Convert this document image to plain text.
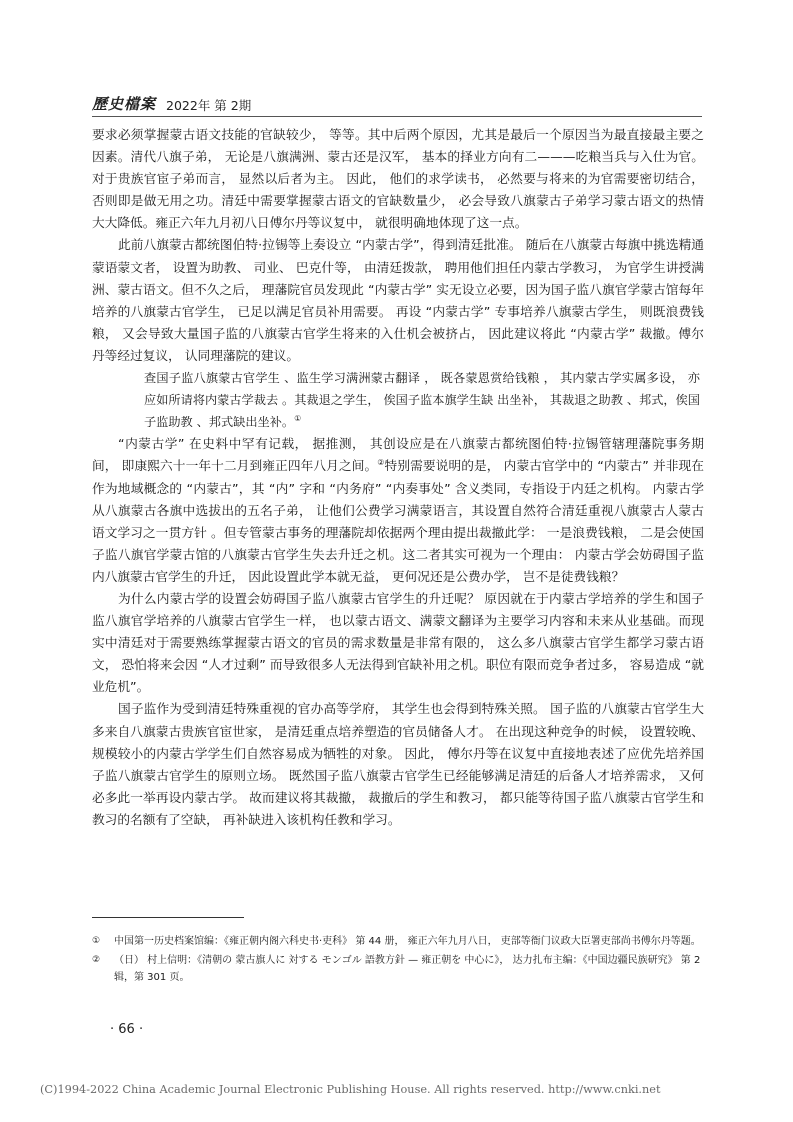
歷史檔案 2022年 第 2期

要求必须掌握蒙古语文技能的官缺较少， 等等。其中后两个原因，尤其是最后一个原因当为最直接最主要之因素。清代八旗子弟， 无论是八旗满洲、蒙古还是汉军， 基本的择业方向有二———吃粮当兵与入仕为官。对于贵族官宦子弟而言， 显然以后者为主。 因此， 他们的求学读书， 必然要与将来的为官需要密切结合， 否则即是做无用之功。清廷中需要掌握蒙古语文的官缺数量少， 必会导致八旗蒙古子弟学习蒙古语文的热情大大降低。雍正六年九月初八日傅尔丹等议复中， 就很明确地体现了这一点。

此前八旗蒙古都统图伯特·拉锡等上奏设立 “内蒙古学”，得到清廷批准。 随后在八旗蒙古每旗中挑选精通蒙语蒙文者， 设置为助教、 司业、 巴克什等， 由清廷拨款， 聘用他们担任内蒙古学教习， 为官学生讲授满洲、蒙古语文。但不久之后， 理藩院官员发现此 “内蒙古学” 实无设立必要，因为国子监八旗官学蒙古馆每年培养的八旗蒙古官学生， 已足以满足官员补用需要。 再设 “内蒙古学” 专事培养八旗蒙古学生， 则既浪费钱粮， 又会导致大量国子监的八旗蒙古官学生将来的入仕机会被挤占， 因此建议将此 “内蒙古学” 裁撤。傅尔丹等经过复议， 认同理藩院的建议。

查国子监八旗蒙古官学生 、监生学习满洲蒙古翻译 ， 既各蒙恩赏给钱粮 ， 其内蒙古学实属多设， 亦应如所请将内蒙古学裁去 。其裁退之学生， 俟国子监本旗学生缺 出坐补， 其裁退之助教 、邦式，俟国子监助教 、邦式缺出坐补。①

“内蒙古学” 在史料中罕有记载， 据推测， 其创设应是在八旗蒙古都统图伯特·拉锡管辖理藩院事务期间， 即康熙六十一年十二月到雍正四年八月之间。②特别需要说明的是， 内蒙古官学中的 “内蒙古” 并非现在作为地域概念的 “内蒙古”，其 “内” 字和 “内务府” “内奏事处” 含义类同，专指设于内廷之机构。 内蒙古学从八旗蒙古各旗中选拔出的五名子弟， 让他们公费学习满蒙语言，其设置自然符合清廷重视八旗蒙古人蒙古语文学习之一贯方针 。但专管蒙古事务的理藩院却依据两个理由提出裁撤此学： 一是浪费钱粮， 二是会使国子监八旗官学蒙古馆的八旗蒙古官学生失去升迁之机。这二者其实可视为一个理由： 内蒙古学会妨碍国子监内八旗蒙古官学生的升迁， 因此设置此学本就无益， 更何况还是公费办学， 岂不是徒费钱粮？

为什么内蒙古学的设置会妨碍国子监八旗蒙古官学生的升迁呢？ 原因就在于内蒙古学培养的学生和国子监八旗官学培养的八旗蒙古官学生一样， 也以蒙古语文、满蒙文翻译为主要学习内容和未来从业基础。而现实中清廷对于需要熟练掌握蒙古语文的官员的需求数量是非常有限的， 这么多八旗蒙古官学生都学习蒙古语文， 恐怕将来会因 “人才过剩” 而导致很多人无法得到官缺补用之机。职位有限而竞争者过多， 容易造成 “就业危机”。

国子监作为受到清廷特殊重视的官办高等学府， 其学生也会得到特殊关照。 国子监的八旗蒙古官学生大多来自八旗蒙古贵族官宦世家， 是清廷重点培养塑造的官员储备人才。 在出现这种竞争的时候， 设置较晚、规模较小的内蒙古学学生们自然容易成为牺牲的对象。 因此， 傅尔丹等在议复中直接地表述了应优先培养国子监八旗蒙古官学生的原则立场。 既然国子监八旗蒙古官学生已经能够满足清廷的后备人才培养需求， 又何必多此一举再设内蒙古学。 故而建议将其裁撤， 裁撤后的学生和教习， 都只能等待国子监八旗蒙古官学生和教习的名额有了空缺， 再补缺进入该机构任教和学习。

①	中国第一历史档案馆编：《雍正朝内阁六科史书·吏科》 第 44 册， 雍正六年九月八日， 吏部等衙门议政大臣署吏部尚书傅尔丹等题。
②	（日） 村上信明：《清朝の 蒙古旗人に 対する モンゴル 語教方針 — 雍正朝を 中心に》， 达力扎布主编：《中国边疆民族研究》 第 2 辑，第 301 页。
· 66 ·
(C)1994-2022 China Academic Journal Electronic Publishing House. All rights reserved. http://www.cnki.net
